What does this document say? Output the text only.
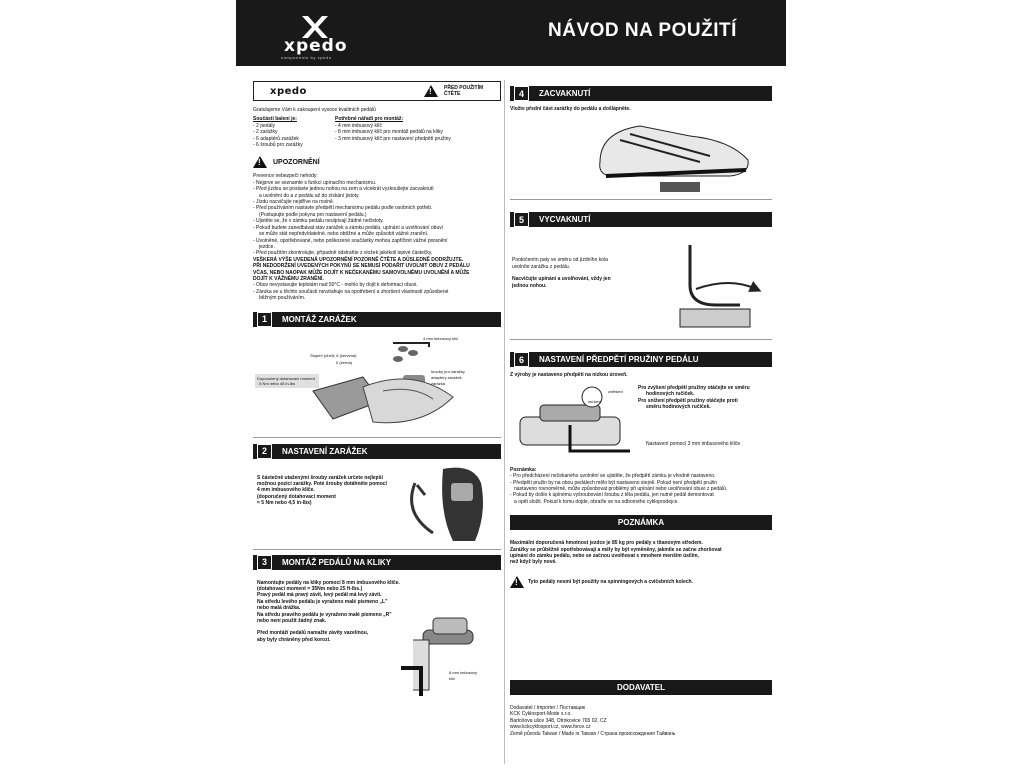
xpedo
components by xpedo
NÁVOD NA POUŽITÍ
xpedo	! PŘED POUŽITÍM ČTĚTE

Gratulujeme Vám k zakoupení vysoce kvalitních pedálů

Součásti balení je:

- 2 pedály

- 2 zarážky

- 6 adaptérů zarážek

- 6 šroubů pro zarážky

Potřebné nářadí pro montáž:

- 4 mm imbusový klíč

- 8 mm imbusový klíč pro montáž pedálů na kliky

- 3 mm imbusový klíč pro nastavení předpětí pružiny

! UPOZORNĚNÍ

Prevence nebezpečí nehody:

- Nejprve se seznamte s funkcí upínacího mechanismu.

- Před jízdou se postavte jednou nohou na zem a vícekrát vyzkoušejte zacvaknutí

a uvolnění do a z pedálu až do získání jistoty.

- Jízdu nacvičujte nejdříve na rovině.

- Před používáním nastavte předpětí mechanismu pedálu podle osobních potřeb.

(Postupujte podle pokynu pro nastavení pedálu.)

- Ujistěte se, že v zámku pedálu neulpívají žádné nečistoty.

- Pokud budete zanedbávat stav zarážek a zámku pedálu, upínání a uvolňování obuvi

se může stát nepředvídatelné, nebo obtížné a může způsobit vážné zranění.

- Uvolněné, opotřebované, nebo poškozené součástky mohou zapříčinit vážné poranění

jezdce.

- Před použitím zkontrolujte, případně odstraňte z vložek jakékoli lepivé částečky.

VEŠKERÁ VÝŠE UVEDENÁ UPOZORNĚNÍ POZORNĚ ČTĚTE A DŮSLEDNĚ DODRŽUJTE.

PŘI NEDODRŽENÍ UVEDENÝCH POKYNŮ SE NEMUSÍ PODAŘIT UVOLNIT OBUV Z PEDÁLU

VČAS, NEBO NAOPAK MŮŽE DOJÍT K NEČEKANÉMU SAMOVOLNÉMU UVOLNĚNÍ A MŮŽE

DOJÍT K VÁŽNÉMU ZRANĚNÍ.

- Obuv nevystavujte teplotám nad 50°C - mohlo by dojít k deformaci obuvi.

- Záruka se u těchto součástí nevztahuje na opotřebení a zhoršení vlastností způsobené

běžným používáním.

1	MONTÁŽ ZARÁŽEK
4 mm imbusový klíč
Stupeň (úhel): 6 (červená)
0 (černá)
Doporučený dotahovací moment : 5 Nm nebo 45 in-lbs
šrouby pro zarážky
adaptéry zarážek
zarážka
2	NASTAVENÍ ZARÁŽEK

S částečně utaženými šrouby zarážek určete nejlepší

možnou pozici zarážky. Poté šrouby dotáhněte pomocí

4 mm imbusového klíče.

(doporučený dotahovací moment

= 5 Nm nebo 4,5 in-lbs)

3	MONTÁŽ PEDÁLŮ NA KLIKY

Namontujte pedály na kliky pomocí 8 mm imbusového klíče.

(dotahovací moment = 35Nm nebo 25 ft-lbs.)

Pravý pedál má pravý závit, levý pedál má levý závit.

Na středu levého pedálu je vyraženo malé písmeno „L"

nebo malá drážka.

Na středu pravého pedálu je vyraženo malé písmeno „R"

nebo není použit žádný znak.

Před montáží pedálů namažte závity vazelínou,

aby byly chráněny před korozí.

8 mm imbusový klíč
4	ZACVAKNUTÍ

Vložte přední část zarážky do pedálu a došlápněte.

5	VYCVAKNUTÍ

Pootočením paty ve směru od jízdního kola

uvolníte zarážku z pedálu.

Nacvičujte upínání a uvolňování, vždy jen

jednou nohou.

6	NASTAVENÍ PŘEDPĚTÍ PRUŽINY PEDÁLU

Z výroby je nastaveno předpětí na nízkou úroveň.

zvětšení
snížení

Pro zvýšení předpětí pružiny otáčejte ve směru

hodinových ručiček.

Pro snížení předpětí pružiny otáčejte proti

směru hodinových ručiček.

Nastavení pomocí 3 mm imbusového klíče

Poznámka:

- Pro předcházení nečekaného uvolnění se ujistěte, že předpětí zámku je vhodně nastaveno.

- Předpětí pružin by na obou pedálech mělo být nastaveno stejně. Pokud není předpětí pružin

nastaveno rovnoměrně, může způsobovat problémy při upínání nebo uvolňování obuvi z pedálů.

- Pokud by došlo k úplnému vyšroubování šroubu z těla pedálu, jen nutné pedál demontovat

a opět složit. Pokud k tomu dojde, obraťte se na odborného cykloprodejce.

POZNÁMKA

Maximální doporučená hmotnost jezdce je 85 kg pro pedály s titanovým středem.

Zarážky se průběžně opotřebovávají a měly by být vyměněny, jakmile se začne zhoršovat

upínání do zámku pedálu, nebo se začnou uvolňovat s mnohem menším úsilím,

než když byly nové.

! Tyto pedály nesmí být použity na spinningových a cvičebních kolech.
DODAVATEL

Dodavatel / Importer / Поставщик

KCK Cyklosport-Mode s.r.o.

Bartošova ulice 348, Otrokovice 765 02, CZ

www.kckcyklosport.cz, www.force.cz

Země původu Taiwan / Made in Taiwan / Страна происхождения Тайвань
